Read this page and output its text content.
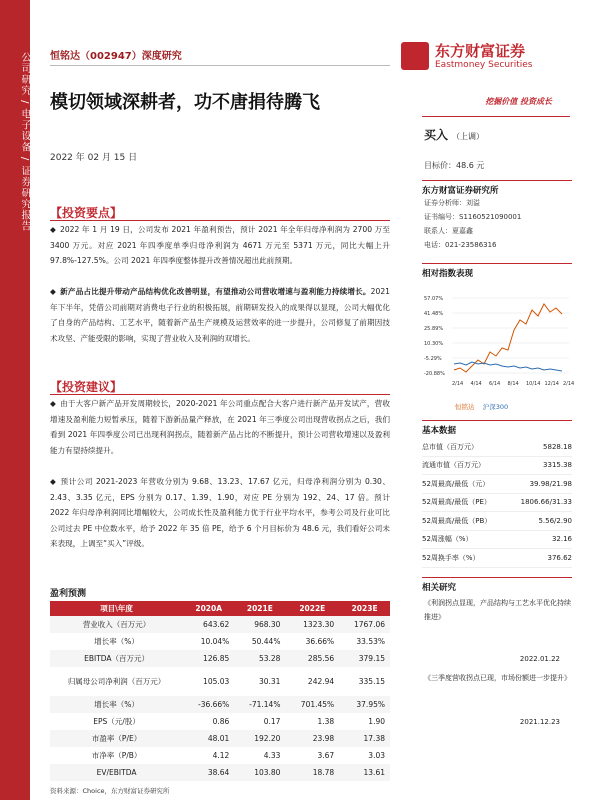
公司研究 / 电子设备 / 证券研究报告 恒铭达（002947）深度研究
模切领域深耕者，功不唐捐待腾飞
2022 年 02 月 15 日
东方财富证券
Eastmoney Securities
挖掘价值 投资成长
买入 （上调）
目标价：48.6 元
东方财富证券研究所
证券分析师：刘溢
证书编号：S1160521090001
联系人：夏嘉鑫
电话：021-23586316
相对指数表现
57.07%
41.48%
25.89%
10.30%
-5.29%
-20.88%
2/14 4/14 6/14 8/14 10/14 12/14 2/14
恒铭达 沪深300
基本数据
总市值（百万元）	5828.18
流通市值（百万元）	3315.38
52周最高/最低（元）	39.98/21.98
52周最高/最低（PE）	1806.66/31.33
52周最高/最低（PB）	5.56/2.90
52周涨幅（%）	32.16
52周换手率（%）	376.62
相关研究
《利润拐点显现，产品结构与工艺水平优化持续推进》
2022.01.22
《三季度营收拐点已现，市场份额进一步提升》
2021.12.23
【投资要点】
◆ 2022 年 1 月 19 日，公司发布 2021 年盈利预告，预计 2021 年全年归母净利润为 2700 万至 3400 万元。对应 2021 年四季度单季归母净利润为 4671 万元至 5371 万元，同比大幅上升 97.8%-127.5%。公司 2021 年四季度整体提升改善情况超出此前预期。
◆ 新产品占比提升带动产品结构优化改善明显，有望推动公司营收增速与盈利能力持续增长。2021 年下半年，凭借公司前期对消费电子行业的积极拓展，前期研发投入的成果得以显现，公司大幅优化了自身的产品结构、工艺水平，随着新产品生产规模及运营效率的进一步提升，公司修复了前期因技术攻坚、产能受限的影响，实现了营业收入及利润的双增长。
【投资建议】
◆ 由于大客户新产品开发周期较长，2020-2021 年公司重点配合大客户进行新产品开发试产，营收增速及盈利能力短暂承压，随着下游新品量产释放，在 2021 年三季度公司出现营收拐点之后，我们看到 2021 年四季度公司已出现利润拐点，随着新产品占比的不断提升，预计公司营收增速以及盈利能力有望持续提升。
◆ 预计公司 2021-2023 年营收分别为 9.68、13.23、17.67 亿元，归母净利润分别为 0.30、2.43、3.35 亿元，EPS 分别为 0.17、1.39、1.90，对应 PE 分别为 192、24、17 倍。预计 2022 年归母净利润同比增幅较大，公司成长性及盈利能力优于行业平均水平，参考公司及行业可比公司过去 PE 中位数水平，给予 2022 年 35 倍 PE，给予 6 个月目标价为 48.6 元，我们看好公司未来表现，上调至“买入”评级。
盈利预测
项目\年度	2020A	2021E	2022E	2023E
营业收入（百万元）	643.62	968.30	1323.30	1767.06
增长率（%）	10.04%	50.44%	36.66%	33.53%
EBITDA（百万元）	126.85	53.28	285.56	379.15
归属母公司净利润（百万元）	105.03	30.31	242.94	335.15
增长率（%）	-36.66%	-71.14%	701.45%	37.95%
EPS（元/股）	0.86	0.17	1.38	1.90
市盈率（P/E）	48.01	192.20	23.98	17.38
市净率（P/B）	4.12	4.33	3.67	3.03
EV/EBITDA	38.64	103.80	18.78	13.61
资料来源：Choice，东方财富证券研究所
